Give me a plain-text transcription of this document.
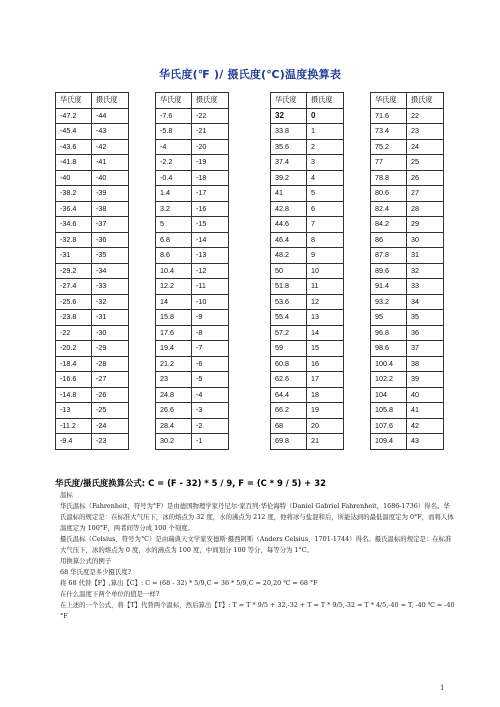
华氏度(℉ )/ 摄氏度(℃)温度换算表
华氏度	摄氏度
-47.2	-44
-45.4	-43
-43.6	-42
-41.8	-41
-40	-40
-38.2	-39
-36.4	-38
-34.6	-37
-32.8	-36
-31	-35
-29.2	-34
-27.4	-33
-25.6	-32
-23.8	-31
-22	-30
-20.2	-29
-18.4	-28
-16.6	-27
-14.8	-26
-13	-25
-11.2	-24
-9.4	-23
华氏度	摄氏度
-7.6	-22
-5.8	-21
-4	-20
-2.2	-19
-0.4	-18
1.4	-17
3.2	-16
5	-15
6.8	-14
8.6	-13
10.4	-12
12.2	-11
14	-10
15.8	-9
17.6	-8
19.4	-7
21.2	-6
23	-5
24.8	-4
26.6	-3
28.4	-2
30.2	-1
华氏度	摄氏度
32	0
33.8	1
35.6	2
37.4	3
39.2	4
41	5
42.8	6
44.6	7
46.4	8
48.2	9
50	10
51.8	11
53.6	12
55.4	13
57.2	14
59	15
60.8	16
62.6	17
64.4	18
66.2	19
68	20
69.8	21
华氏度	摄氏度
71.6	22
73.4	23
75.2	24
77	25
78.8	26
80.6	27
82.4	28
84.2	29
86	30
87.8	31
89.6	32
91.4	33
93.2	34
95	35
96.8	36
98.6	37
100.4	38
102.2	39
104	40
105.8	41
107.6	42
109.4	43
华氏度/摄氏度换算公式: C = (F - 32) * 5 / 9, F = (C * 9 / 5) + 32

温标

华氏温标（Fahrenheit，符号为°F）是由德国物理学家丹尼尔·家百列·华伦海特（Daniel Gabriel Fahrenheit，1686-1736）得名。华氏温标的规定是：在标准大气压下，冰的熔点为 32 度，水的沸点为 212 度，他将冰与盐混和后，所能达到的最低温度定为 0°F，而将人体温度定为 100°F，两者间等分成 100 个刻度。

摄氏温标（Celsius，符号为°C）是由瑞典天文学家安德斯·摄西阿斯（Anders Celsius，1701-1744）得名。摄氏温标的规定是：在标准大气压下，冰的熔点为 0 度，水的沸点为 100 度，中间划分 100 等分，每等分为 1°C。

用换算公式的例子

68 华氏度是多少摄氏度?

将 68 代替【F】,算出【C】: C = (68 - 32) * 5/9,C = 36 * 5/9,C = 20,20 ℃ = 68 °F

在什么温度下两个单位的值是一样?

在上述的一个公式，将【T】代替两个温标，然后算出【T】: T = T * 9/5 + 32,-32 + T = T * 9/5,-32 = T * 4/5,-40 = T, -40 ℃ = -40 °F

1
